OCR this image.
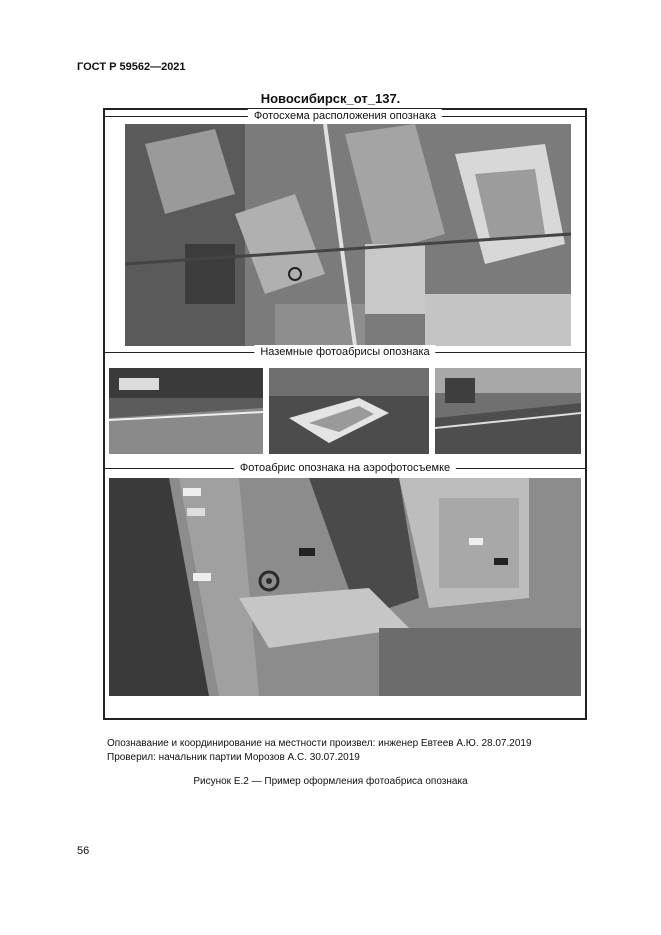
ГОСТ Р 59562—2021
Новосибирск_от_137.
Фотосхема расположения опознака
Наземные фотоабрисы опознака
Фотоабрис опознака на аэрофотосъемке
Опознавание и координирование на местности произвел: инженер Евтеев А.Ю. 28.07.2019
Проверил: начальник партии Морозов А.С. 30.07.2019
Рисунок Е.2 — Пример оформления фотоабриса опознака
56
